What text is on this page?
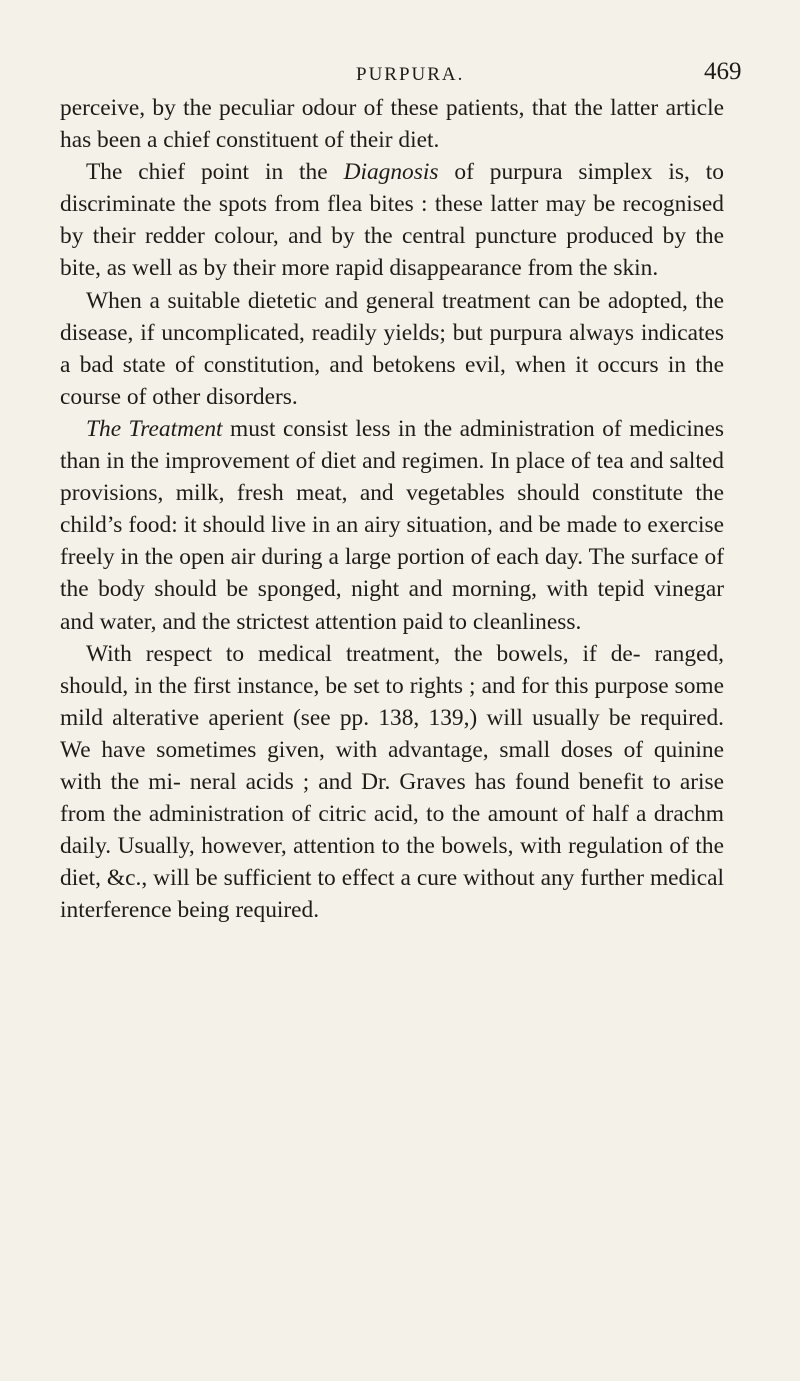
PURPURA.	469

perceive, by the peculiar odour of these patients, that the latter article has been a chief constituent of their diet.

The chief point in the Diagnosis of purpura simplex is, to discriminate the spots from flea bites : these latter may be recognised by their redder colour, and by the central puncture produced by the bite, as well as by their more rapid disappearance from the skin.

When a suitable dietetic and general treatment can be adopted, the disease, if uncomplicated, readily yields; but purpura always indicates a bad state of constitution, and betokens evil, when it occurs in the course of other disorders.

The Treatment must consist less in the administration of medicines than in the improvement of diet and regimen. In place of tea and salted provisions, milk, fresh meat, and vegetables should constitute the child’s food: it should live in an airy situation, and be made to exercise freely in the open air during a large portion of each day. The surface of the body should be sponged, night and morning, with tepid vinegar and water, and the strictest attention paid to cleanliness.

With respect to medical treatment, the bowels, if de- ranged, should, in the first instance, be set to rights ; and for this purpose some mild alterative aperient (see pp. 138, 139,) will usually be required. We have sometimes given, with advantage, small doses of quinine with the mi- neral acids ; and Dr. Graves has found benefit to arise from the administration of citric acid, to the amount of half a drachm daily. Usually, however, attention to the bowels, with regulation of the diet, &c., will be sufficient to effect a cure without any further medical interference being required.
